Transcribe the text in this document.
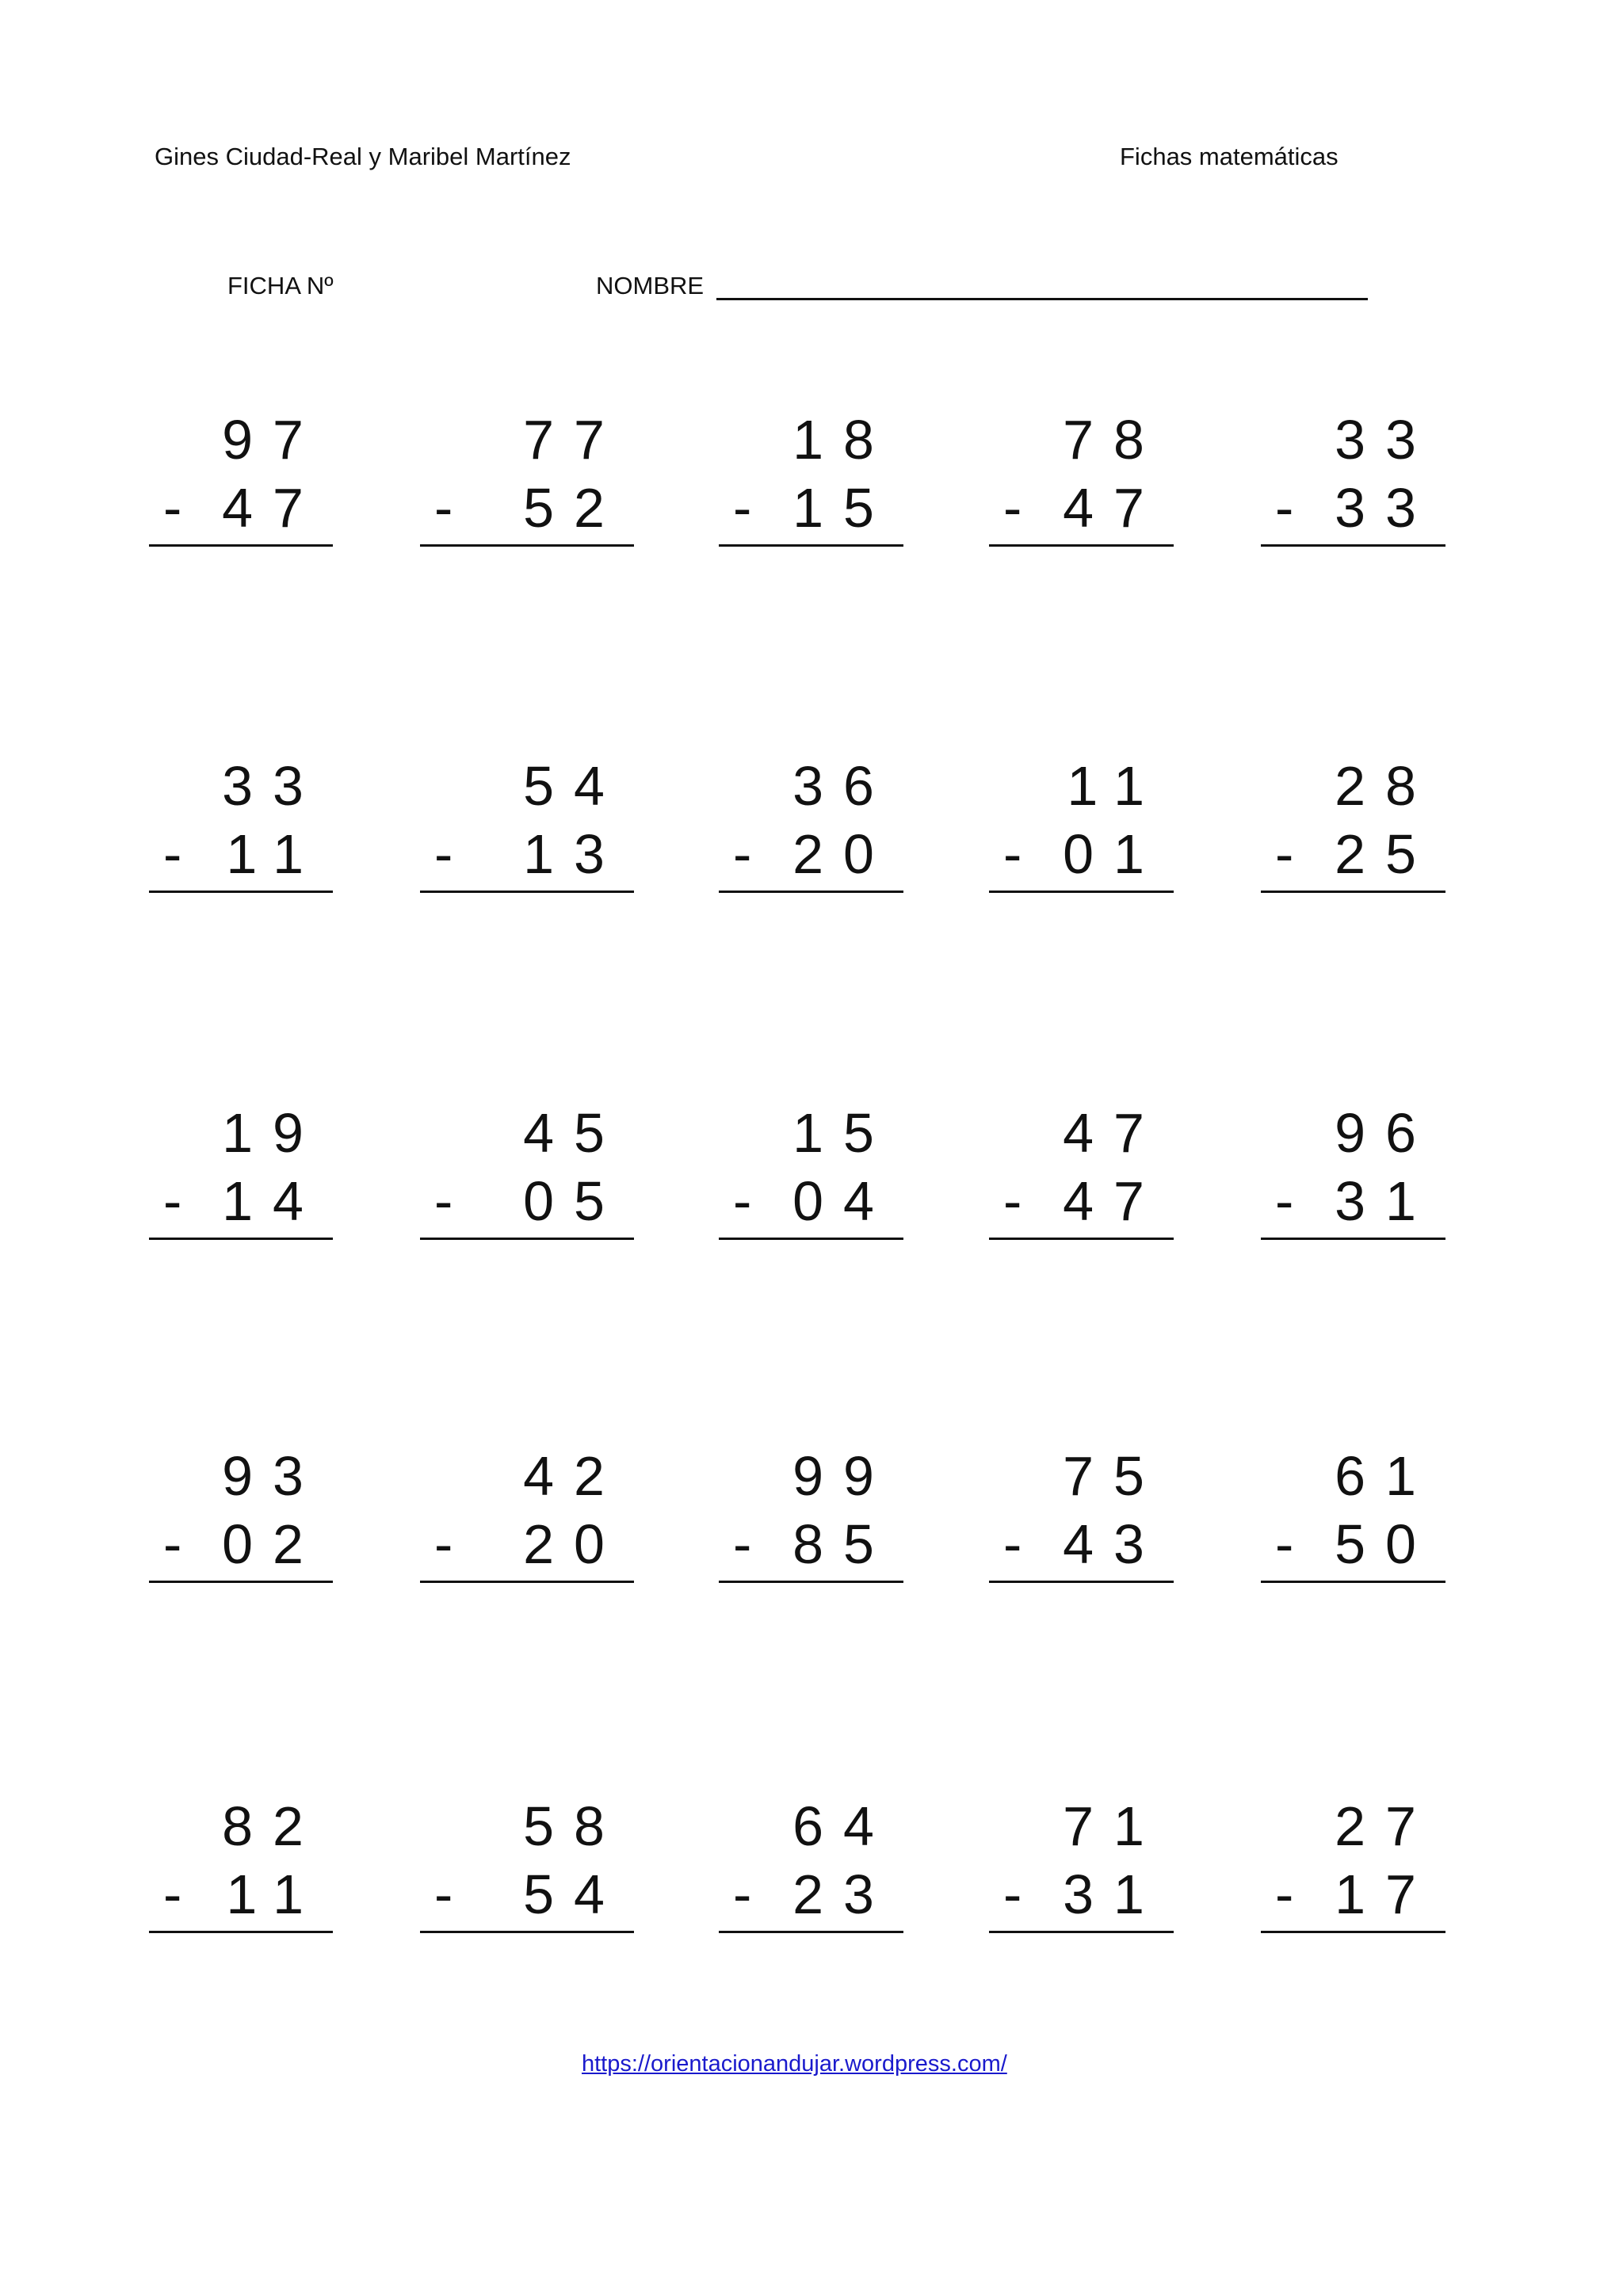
Gines Ciudad-Real y Maribel Martínez	Fichas matemáticas
FICHA Nº	NOMBRE
97
- 47
77
- 52
18
- 15
78
- 47
33
- 33
33
- 11
54
- 13
36
- 20
11
- 01
28
- 25
19
- 14
45
- 05
15
- 04
47
- 47
96
- 31
93
- 02
42
- 20
99
- 85
75
- 43
61
- 50
82
- 11
58
- 54
64
- 23
71
- 31
27
- 17
https://orientacionandujar.wordpress.com/
